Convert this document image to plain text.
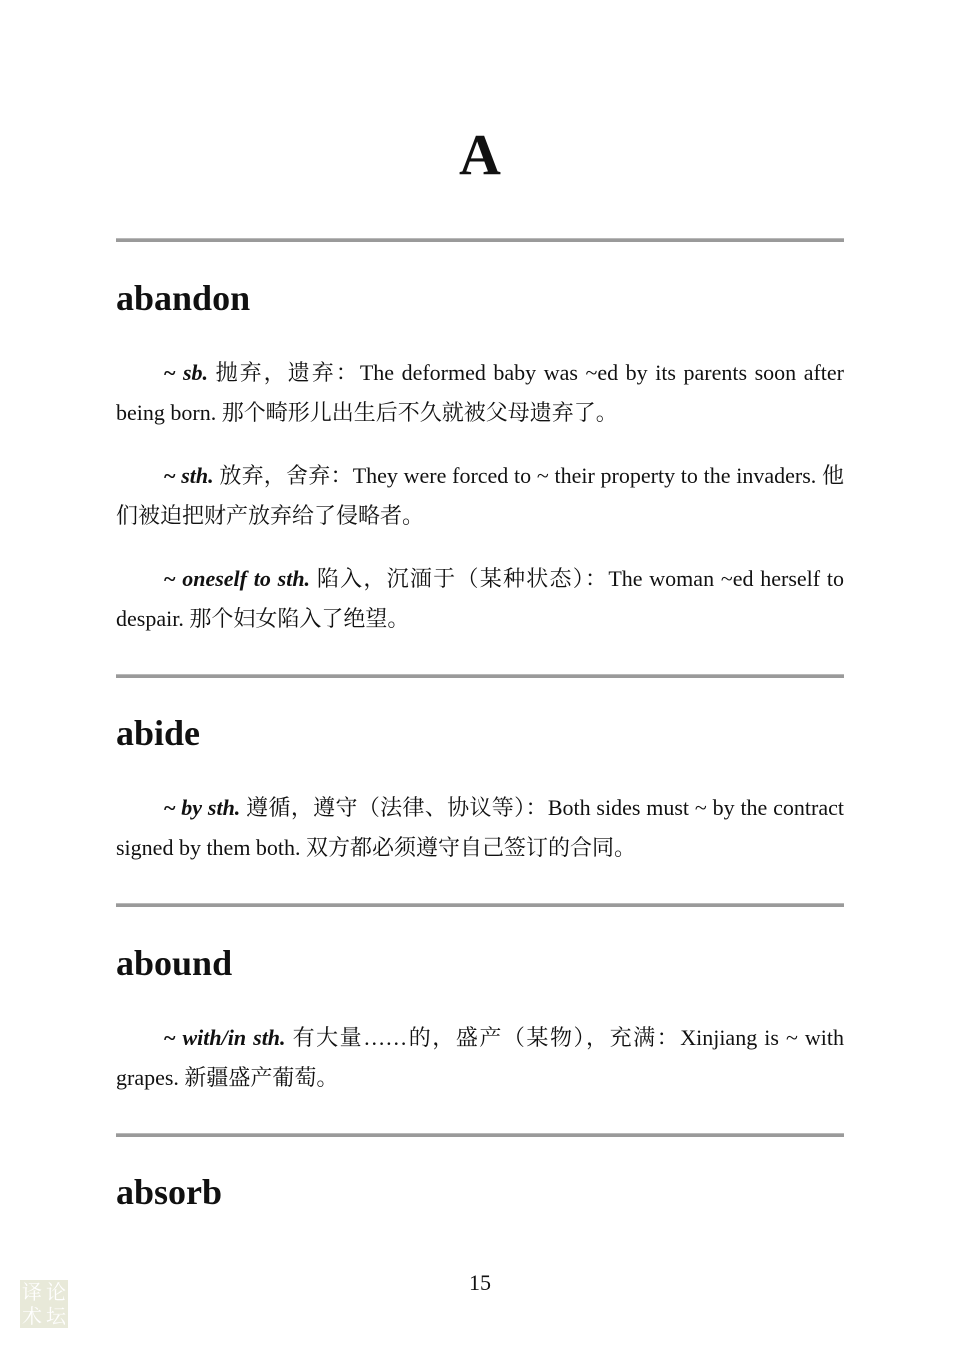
A
abandon
~ sb. 抛弃，遗弃：The deformed baby was ~ed by its parents soon after being born. 那个畸形儿出生后不久就被父母遗弃了。
~ sth. 放弃，舍弃：They were forced to ~ their property to the invaders. 他们被迫把财产放弃给了侵略者。
~ oneself to sth. 陷入，沉湎于（某种状态）：The woman ~ed herself to despair. 那个妇女陷入了绝望。
abide
~ by sth. 遵循，遵守（法律、协议等）：Both sides must ~ by the contract signed by them both. 双方都必须遵守自己签订的合同。
abound
~ with/in sth. 有大量……的，盛产（某物），充满：Xinjiang is ~ with grapes. 新疆盛产葡萄。
absorb
15
译 论
术 坛
